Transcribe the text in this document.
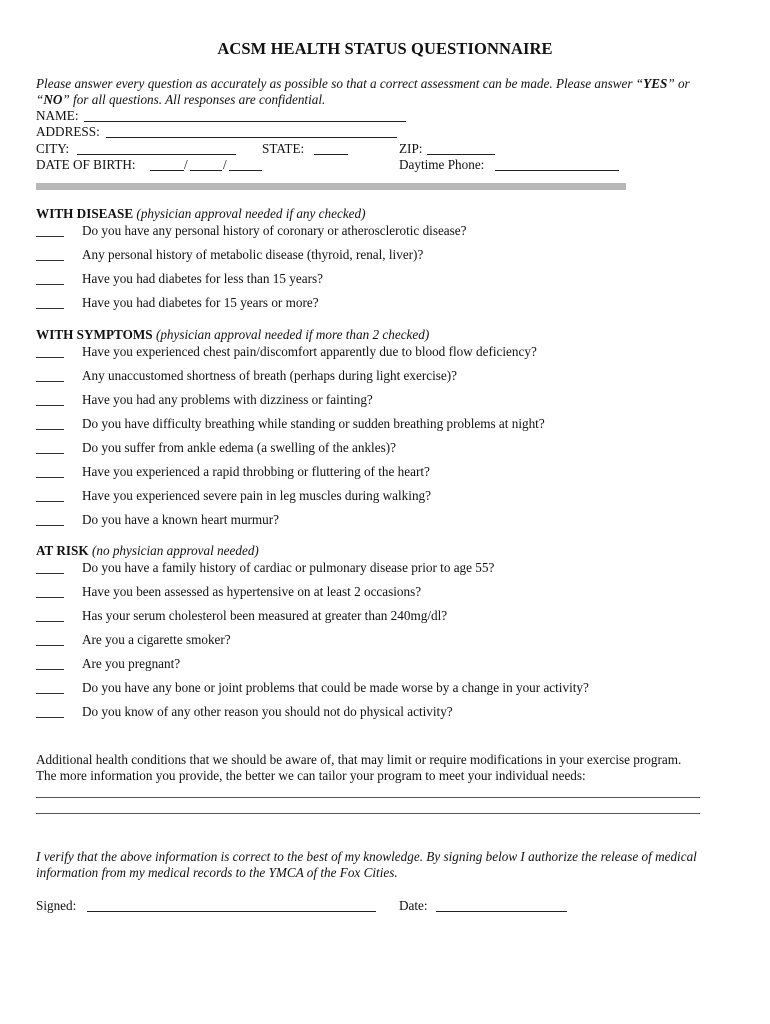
ACSM HEALTH STATUS QUESTIONNAIRE
Please answer every question as accurately as possible so that a correct assessment can be made. Please answer “YES” or
“NO” for all questions. All responses are confidential.
NAME:
ADDRESS:
CITY:	STATE:	ZIP:
DATE OF BIRTH:	/	/	Daytime Phone:
WITH DISEASE (physician approval needed if any checked)
Do you have any personal history of coronary or atherosclerotic disease?
Any personal history of metabolic disease (thyroid, renal, liver)?
Have you had diabetes for less than 15 years?
Have you had diabetes for 15 years or more?
WITH SYMPTOMS (physician approval needed if more than 2 checked)
Have you experienced chest pain/discomfort apparently due to blood flow deficiency?
Any unaccustomed shortness of breath (perhaps during light exercise)?
Have you had any problems with dizziness or fainting?
Do you have difficulty breathing while standing or sudden breathing problems at night?
Do you suffer from ankle edema (a swelling of the ankles)?
Have you experienced a rapid throbbing or fluttering of the heart?
Have you experienced severe pain in leg muscles during walking?
Do you have a known heart murmur?
AT RISK (no physician approval needed)
Do you have a family history of cardiac or pulmonary disease prior to age 55?
Have you been assessed as hypertensive on at least 2 occasions?
Has your serum cholesterol been measured at greater than 240mg/dl?
Are you a cigarette smoker?
Are you pregnant?
Do you have any bone or joint problems that could be made worse by a change in your activity?
Do you know of any other reason you should not do physical activity?
Additional health conditions that we should be aware of, that may limit or require modifications in your exercise program.
The more information you provide, the better we can tailor your program to meet your individual needs:
I verify that the above information is correct to the best of my knowledge. By signing below I authorize the release of medical
information from my medical records to the YMCA of the Fox Cities.
Signed:	Date:
